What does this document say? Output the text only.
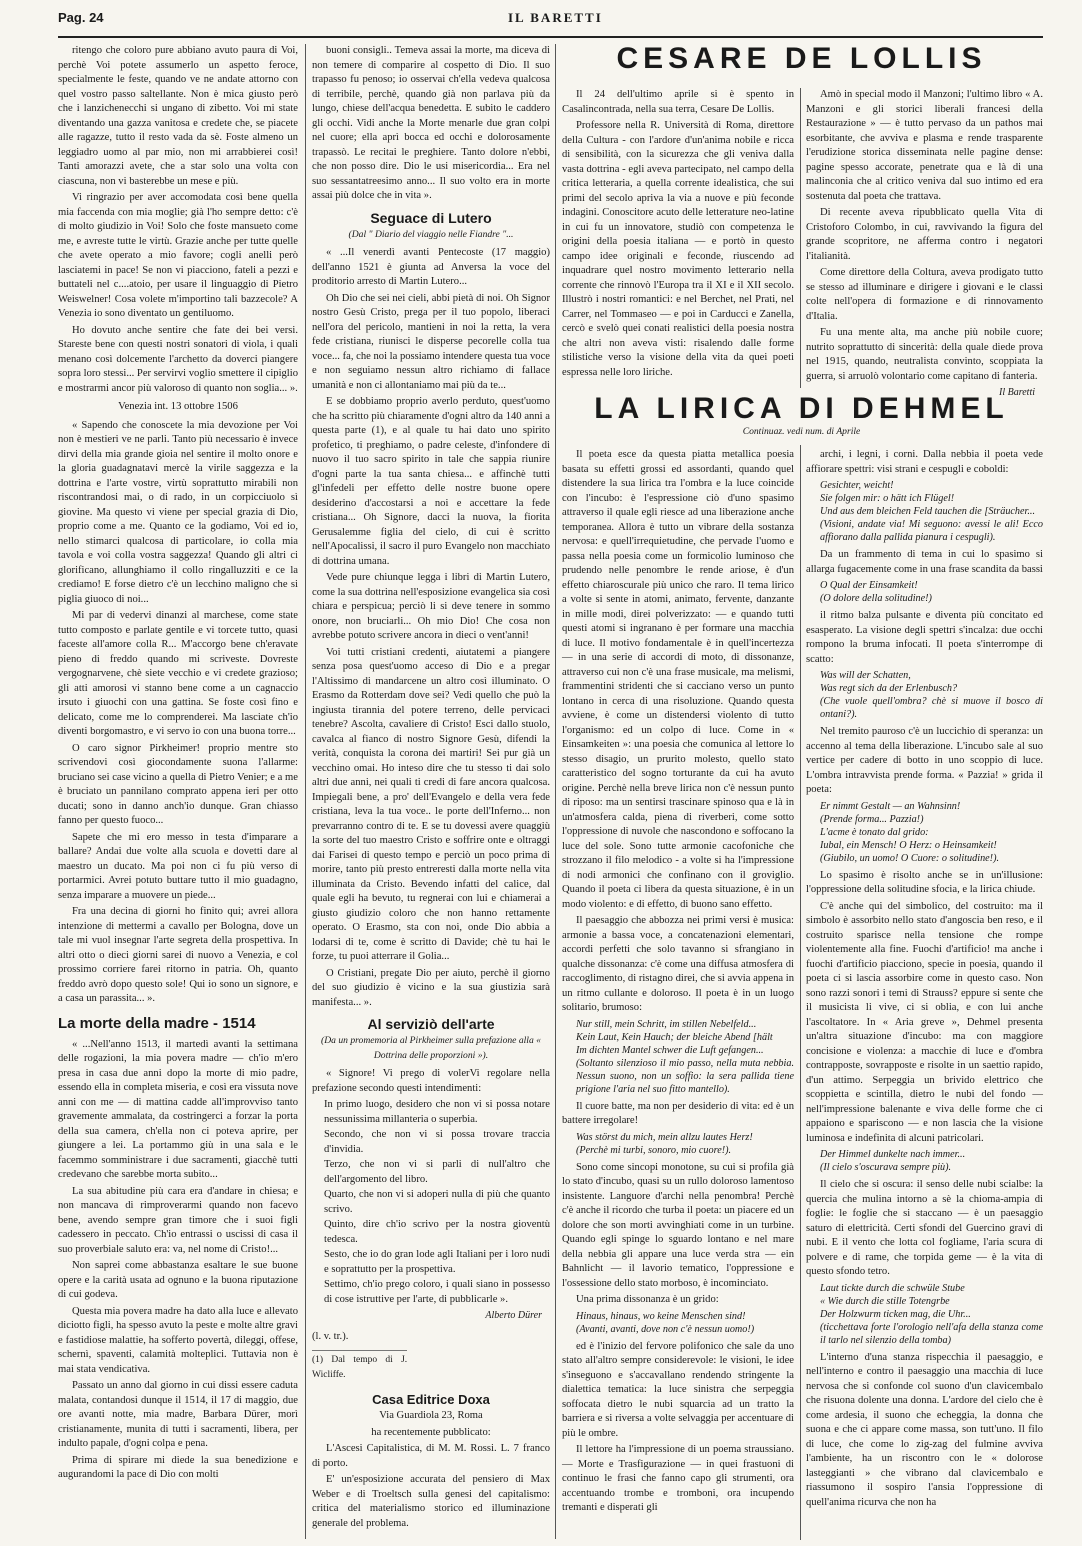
Pag. 24	IL BARETTI

ritengo che coloro pure abbiano avuto paura di Voi, perchè Voi potete assumerlo un aspetto feroce, specialmente le feste, quando ve ne andate attorno con quel vostro passo saltellante. Non è mica giusto però che i lanzichenecchi si ungano di zibetto. Voi mi state diventando una gazza vanitosa e credete che, se piacete alle ragazze, tutto il resto vada da sè. Foste almeno un leggiadro uomo al par mio, non mi arrabbierei così! Tanti amorazzi avete, che a star solo una volta con ciascuna, non vi basterebbe un mese e più.

Vi ringrazio per aver accomodata così bene quella mia faccenda con mia moglie; già l'ho sempre detto: c'è di molto giudizio in Voi! Solo che foste mansueto come me, e avreste tutte le virtù. Grazie anche per tutte quelle che avete operato a mio favore; cogli anelli però lasciatemi in pace! Se non vi piacciono, fateli a pezzi e buttateli nel c....atoio, per usare il linguaggio di Pietro Weiswelner! Cosa volete m'importino tali bazzecole? A Venezia io sono diventato un gentiluomo.

Ho dovuto anche sentire che fate dei bei versi. Stareste bene con questi nostri sonatori di viola, i quali menano così dolcemente l'archetto da doverci piangere sopra loro stessi... Per servirvi voglio smettere il cipiglio e mostrarmi ancor più valoroso di quanto non soglia... ».

Venezia int. 13 ottobre 1506

« Sapendo che conoscete la mia devozione per Voi non è mestieri ve ne parli. Tanto più necessario è invece dirvi della mia grande gioia nel sentire il molto onore e la gloria guadagnatavi mercè la virile saggezza e la dottrina e l'arte vostre, virtù soprattutto mirabili non riscontrandosi mai, o di rado, in un corpicciuolo sì giovine. Ma questo vi viene per special grazia di Dio, proprio come a me. Quanto ce la godiamo, Voi ed io, nello stimarci qualcosa di particolare, io colla mia tavola e voi colla vostra saggezza! Quando gli altri ci glorificano, allunghiamo il collo ringalluzziti e ce la crediamo! E forse dietro c'è un lecchino maligno che si piglia giuoco di noi...

Mi par di vedervi dinanzi al marchese, come state tutto composto e parlate gentile e vi torcete tutto, quasi faceste all'amore colla R... M'accorgo bene ch'eravate pieno di freddo quando mi scriveste. Dovreste vergognarvene, chè siete vecchio e vi credete grazioso; gli atti amorosi vi stanno bene come a un cagnaccio irsuto i giuochi con una gattina. Se foste così fino e delicato, come me lo comprenderei. Ma lasciate ch'io diventi borgomastro, e vi servo io con una buona torre...

O caro signor Pirkheimer! proprio mentre sto scrivendovi così giocondamente suona l'allarme: bruciano sei case vicino a quella di Pietro Venier; e a me è bruciato un pannilano comprato appena ieri per otto ducati; sono in danno anch'io dunque. Gran chiasso fanno per questo fuoco...

Sapete che mi ero messo in testa d'imparare a ballare? Andai due volte alla scuola e dovetti dare al maestro un ducato. Ma poi non ci fu più verso di portarmici. Avrei potuto buttare tutto il mio guadagno, senza imparare a muovere un piede...

Fra una decina di giorni ho finito qui; avrei allora intenzione di mettermi a cavallo per Bologna, dove un tale mi vuol insegnar l'arte segreta della prospettiva. In altri otto o dieci giorni sarei di nuovo a Venezia, e col prossimo corriere farei ritorno in patria. Oh, quanto freddo avrò dopo questo sole! Qui io sono un signore, e a casa un parassita... ».

La morte della madre - 1514

« ...Nell'anno 1513, il martedì avanti la settimana delle rogazioni, la mia povera madre — ch'io m'ero presa in casa due anni dopo la morte di mio padre, essendo ella in completa miseria, e così era vissuta nove anni con me — di mattina cadde all'improvviso tanto gravemente ammalata, da costringerci a forzar la porta della sua camera, ch'ella non ci poteva aprire, per giungere a lei. La portammo giù in una sala e le facemmo somministrare i due sacramenti, giacchè tutti credevano che sarebbe morta subito...

La sua abitudine più cara era d'andare in chiesa; e non mancava di rimproverarmi quando non facevo bene, avendo sempre gran timore che i suoi figli cadessero in peccato. Ch'io entrassi o uscissi di casa il suo proverbiale saluto era: va, nel nome di Cristo!...

Non saprei come abbastanza esaltare le sue buone opere e la carità usata ad ognuno e la buona riputazione di cui godeva.

Questa mia povera madre ha dato alla luce e allevato diciotto figli, ha spesso avuto la peste e molte altre gravi e fastidiose malattie, ha sofferto povertà, dileggi, offese, schernì, spaventi, calamità molteplici. Tuttavia non è mai stata vendicativa.

Passato un anno dal giorno in cui dissi essere caduta malata, contandosi dunque il 1514, il 17 di maggio, due ore avanti notte, mia madre, Barbara Dürer, morì cristianamente, munita di tutti i sacramenti, libera, per indulto papale, d'ogni colpa e pena.

Prima di spirare mi diede la sua benedizione e augurandomi la pace di Dio con molti

buoni consigli.. Temeva assai la morte, ma diceva di non temere di comparire al cospetto di Dio. Il suo trapasso fu penoso; io osservai ch'ella vedeva qualcosa di terribile, perchè, quando già non parlava più da lungo, chiese dell'acqua benedetta. E subito le caddero gli occhi. Vidi anche la Morte menarle due gran colpi nel cuore; ella aprì bocca ed occhi e dolorosamente trapassò. Le recitai le preghiere. Tanto dolore n'ebbi, che non posso dire. Dio le usi misericordia... Era nel suo sessantatreesimo anno... Il suo volto era in morte assai più dolce che in vita ».

Seguace di Lutero
(Dal " Diario del viaggio nelle Fiandre "...

« ...Il venerdì avanti Pentecoste (17 maggio) dell'anno 1521 è giunta ad Anversa la voce del proditorio arresto di Martin Lutero...

Oh Dio che sei nei cieli, abbi pietà di noi. Oh Signor nostro Gesù Cristo, prega per il tuo popolo, liberaci nell'ora del pericolo, mantieni in noi la retta, la vera fede cristiana, riunisci le disperse pecorelle colla tua voce... fa, che noi la possiamo intendere questa tua voce e non seguiamo nessun altro richiamo di fallace umanità e non ci allontaniamo mai più da te...

E se dobbiamo proprio averlo perduto, quest'uomo che ha scritto più chiaramente d'ogni altro da 140 anni a questa parte (1), e al quale tu hai dato uno spirito profetico, ti preghiamo, o padre celeste, d'infondere di nuovo il tuo sacro spirito in tale che sappia riunire d'ogni parte la tua santa chiesa... e affinchè tutti gl'infedeli per effetto delle nostre buone opere desiderino d'accostarsi a noi e accettare la fede cristiana... Oh Signore, dacci la nuova, la fiorita Gerusalemme figlia del cielo, di cui è scritto nell'Apocalissi, il sacro il puro Evangelo non macchiato di dottrina umana.

Vede pure chiunque legga i libri di Martin Lutero, come la sua dottrina nell'esposizione evangelica sia così chiara e perspicua; perciò li si deve tenere in sommo onore, non bruciarli... Oh mio Dio! Che cosa non avrebbe potuto scrivere ancora in dieci o vent'anni!

Voi tutti cristiani credenti, aiutatemi a piangere senza posa quest'uomo acceso di Dio e a pregar l'Altissimo di mandarcene un altro così illuminato. O Erasmo da Rotterdam dove sei? Vedi quello che può la ingiusta tirannia del potere terreno, delle pervicaci tenebre? Ascolta, cavaliere di Cristo! Esci dallo stuolo, cavalca al fianco di nostro Signore Gesù, difendi la verità, conquista la corona dei martiri! Sei pur già un vecchino omai. Ho inteso dire che tu stesso ti dai solo altri due anni, nei quali ti credi di fare ancora qualcosa. Impiegali bene, a pro' dell'Evangelo e della vera fede cristiana, leva la tua voce.. le porte dell'Inferno... non prevarranno contro di te. E se tu dovessi avere quaggiù la sorte del tuo maestro Cristo e soffrire onte e oltraggi dai Farisei di questo tempo e perciò un poco prima di morire, tanto più presto entreresti dalla morte nella vita illuminata da Cristo. Bevendo infatti del calice, dal quale egli ha bevuto, tu regnerai con lui e chiamerai a giusto giudizio coloro che non hanno rettamente operato. O Erasmo, sta con noi, onde Dio abbia a lodarsi di te, come è scritto di Davide; chè tu hai le forze, tu puoi atterrare il Golia...

O Cristiani, pregate Dio per aiuto, perchè il giorno del suo giudizio è vicino e la sua giustizia sarà manifesta... ».

Al serviziò dell'arte
(Da un promemoria al Pirkheimer sulla prefazione alla « Dottrina delle proporzioni »).

« Signore! Vi prego di volerVi regolare nella prefazione secondo questi intendimenti:

In primo luogo, desidero che non vi si possa notare nessunissima millanteria o superbia.
Secondo, che non vi si possa trovare traccia d'invidia.
Terzo, che non vi si parli di null'altro che dell'argomento del libro.
Quarto, che non vi si adoperi nulla di più che quanto scrivo.
Quinto, dire ch'io scrivo per la nostra gioventù tedesca.
Sesto, che io do gran lode agli Italiani per i loro nudi e soprattutto per la prospettiva.
Settimo, ch'io prego coloro, i quali siano in possesso di cose istruttive per l'arte, di pubblicarle ».
Alberto Dürer
(l. v. tr.).
(1) Dal tempo di J. Wicliffe.
Casa Editrice Doxa
Via Guardiola 23, Roma
ha recentemente pubblicato:

L'Ascesi Capitalistica, di M. M. Rossi. L. 7 franco di porto.

E' un'esposizione accurata del pensiero di Max Weber e di Troeltsch sulla genesi del capitalismo: critica del materialismo storico ed illuminazione generale del problema.

CESARE DE LOLLIS

Il 24 dell'ultimo aprile si è spento in Casalincontrada, nella sua terra, Cesare De Lollis.

Professore nella R. Università di Roma, direttore della Cultura - con l'ardore d'un'anima nobile e ricca di sensibilità, con la sicurezza che gli veniva dalla vasta dottrina - egli aveva partecipato, nel campo della critica letteraria, a quella corrente idealistica, che sui primi del secolo apriva la via a nuove e più feconde indagini. Conoscitore acuto delle letterature neo-latine in cui fu un innovatore, studiò con competenza le origini della poesia italiana — e portò in questo campo idee originali e feconde, riuscendo ad inquadrare quel nostro movimento letterario nella corrente che rinnovò l'Europa tra il XI e il XII secolo. Illustrò i nostri romantici: e nel Berchet, nel Prati, nel Carrer, nel Tommaseo — e poi in Carducci e Zanella, cercò e svelò quei conati realistici della poesia nostra che altri non aveva visti: risalendo dalle forme stilistiche verso la visione della vita da quei poeti espressa nelle loro liriche.

Amò in special modo il Manzoni; l'ultimo libro « A. Manzoni e gli storici liberali francesi della Restaurazione » — è tutto pervaso da un pathos mai esorbitante, che avviva e plasma e rende trasparente l'erudizione storica disseminata nelle pagine dense: pagine spesso accorate, penetrate qua e là di una malinconia che al critico veniva dal suo intimo ed era sostenuta dal poeta che trattava.

Di recente aveva ripubblicato quella Vita di Cristoforo Colombo, in cui, ravvivando la figura del grande scopritore, ne afferma contro i negatori l'italianità.

Come direttore della Coltura, aveva prodigato tutto se stesso ad illuminare e dirigere i giovani e le classi colte nell'opera di formazione e di rinnovamento d'Italia.

Fu una mente alta, ma anche più nobile cuore; nutrito soprattutto di sincerità: della quale diede prova nel 1915, quando, neutralista convinto, scoppiata la guerra, si arruolò volontario come capitano di fanteria.

Il Baretti
LA LIRICA DI DEHMEL
Continuaz. vedi num. di Aprile

Il poeta esce da questa piatta metallica poesia basata su effetti grossi ed assordanti, quando quel distendere la sua lirica tra l'ombra e la luce coincide con l'incubo: è l'espressione ciò d'uno spasimo attraverso il quale egli riesce ad una liberazione anche temporanea. Allora è tutto un vibrare della sostanza nervosa: e quell'irrequietudine, che pervade l'uomo e passa nella poesia come un formicolio luminoso che prudendo nelle penombre le rende ariose, è d'un effetto chiaroscurale più unico che raro. Il tema lirico a volte si sente in atomi, animato, fervente, danzante in mille modi, direi polverizzato: — e quando tutti questi atomi si ingranano è per formare una macchia di luce. Il motivo fondamentale è in quell'incertezza — in una serie di accordi di moto, di dissonanze, attraverso cui non c'è una frase musicale, ma melismi, frammentini stridenti che si cacciano verso un punto lontano in cerca di una risoluzione. Quando questa avviene, è come un distendersi violento di tutto l'organismo: ed un colpo di luce. Come in « Einsamkeiten »: una poesia che comunica al lettore lo stesso disagio, un prurito molesto, quello stato caratteristico del sogno torturante da cui ha avuto origine. Perchè nella breve lirica non c'è nessun punto di riposo: ma un sentirsi trascinare spinoso qua e là in un'atmosfera calda, piena di riverberi, come sotto l'oppressione di nuvole che nascondono e soffocano la luce del sole. Sono tutte armonie cacofoniche che strozzano il filo melodico - a volte si ha l'impressione di nodi armonici che confinano con il groviglio. Quando il poeta ci libera da questa situazione, è in un modo violento: e di effetto, di buono sano effetto.

Il paesaggio che abbozza nei primi versi è musica: armonie a bassa voce, a concatenazioni elementari, accordi perfetti che solo tavanno si sfrangiano in qualche dissonanza: c'è come una diffusa atmosfera di raccoglimento, di ristagno direi, che si avvia appena in un ritmo cullante e doloroso. Il poeta è in un luogo solitario, brumoso:

Nur still, mein Schritt, im stillen Nebelfeld...
Kein Laut, Kein Hauch; der bleiche Abend [hält
Im dichten Mantel schwer die Luft gefangen...
(Soltanto silenzioso il mio passo, nella muta nebbia. Nessun suono, non un soffio: la sera pallida tiene prigione l'aria nel suo fitto mantello).

Il cuore batte, ma non per desiderio di vita: ed è un battere irregolare!

Was störst du mich, mein allzu lautes Herz!
(Perchè mi turbi, sonoro, mio cuore!).

Sono come sincopi monotone, su cui si profila già lo stato d'incubo, quasi su un rullo doloroso lamentoso insistente. Languore d'archi nella penombra! Perchè c'è anche il ricordo che turba il poeta: un piacere ed un dolore che son morti avvinghiati come in un turbine. Quando egli spinge lo sguardo lontano e nel mare della nebbia gli appare una luce verda stra — ein Bahnlicht — il lavorio tematico, l'oppressione e l'ossessione dello stato morboso, è incominciato.

Una prima dissonanza è un grido:

Hinaus, hinaus, wo keine Menschen sind!
(Avanti, avanti, dove non c'è nessun uomo!)

ed è l'inizio del fervore polifonico che sale da uno stato all'altro sempre considerevole: le visioni, le idee s'inseguono e s'accavallano rendendo stringente la dialettica tematica: la luce sinistra che serpeggia soffocata dietro le nubi squarcia ad un tratto la barriera e si riversa a volte selvaggia per accentuare di più le ombre.

Il lettore ha l'impressione di un poema straussiano. — Morte e Trasfigurazione — in quei frastuoni di continuo le frasi che fanno capo gli strumenti, ora accentuando trombe e tromboni, ora incupendo tremanti e disperati gli

archi, i legni, i corni. Dalla nebbia il poeta vede affiorare spettri: visi strani e cespugli e coboldi:

Gesichter, weicht!
Sie folgen mir: o hätt ich Flügel!
Und aus dem bleichen Feld tauchen die [Sträucher...
(Visioni, andate via! Mi seguono: avessi le ali! Ecco affiorano dalla pallida pianura i cespugli).

Da un frammento di tema in cui lo spasimo si allarga fugacemente come in una frase scandita da bassi

O Qual der Einsamkeit!
(O dolore della solitudine!)

il ritmo balza pulsante e diventa più concitato ed esasperato. La visione degli spettri s'incalza: due occhi rompono la bruma infocati. Il poeta s'interrompe di scatto:

Was will der Schatten,
Was regt sich da der Erlenbusch?
(Che vuole quell'ombra? chè si muove il bosco di ontani?).

Nel tremito pauroso c'è un luccichio di speranza: un accenno al tema della liberazione. L'incubo sale al suo vertice per cadere di botto in uno scoppio di luce. L'ombra intravvista prende forma. « Pazzia! » grida il poeta:

Er nimmt Gestalt — an Wahnsinn!
(Prende forma... Pazzia!)
L'acme è tonato dal grido:
Iubal, ein Mensch! O Herz: o Heinsamkeit!
(Giubilo, un uomo! O Cuore: o solitudine!).

Lo spasimo è risolto anche se in un'illusione: l'oppressione della solitudine sfocia, e la lirica chiude.

C'è anche qui del simbolico, del costruito: ma il simbolo è assorbito nello stato d'angoscia ben reso, e il costruito sparisce nella tensione che rompe violentemente alla fine. Fuochi d'artificio! ma anche i fuochi d'artificio piacciono, specie in poesia, quando il poeta ci si lascia assorbire come in questo caso. Non sono razzi sonori i temi di Strauss? eppure si sente che il musicista li vive, ci si oblia, e con lui anche l'ascoltatore. In « Aria greve », Dehmel presenta un'altra situazione d'incubo: ma con maggiore concisione e violenza: a macchie di luce e d'ombra contrapposte, sovrapposte e risolte in un saettio rapido, d'un attimo. Serpeggia un brivido elettrico che scoppietta e scintilla, dietro le nubi del fondo — nell'impressione balenante e viva delle forme che ci appaiono e spariscono — e non lascia che la visione luminosa e indefinita di alcuni patricolari.

Der Himmel dunkelte nach immer...
(Il cielo s'oscurava sempre più).

Il cielo che si oscura: il senso delle nubi scialbe: la quercia che mulina intorno a sè la chioma-ampia di foglie: le foglie che si staccano — è un paesaggio saturo di elettricità. Certi sfondi del Guercino gravi di nubi. E il vento che lotta col fogliame, l'aria scura di polvere e di rame, che torpida geme — è la vita di questo sfondo tetro.

Laut tickte durch die schwüle Stube
« Wie durch die stille Totengrbe
Der Holzwurm ticken mag, die Uhr...
(ticchettava forte l'orologio nell'afa della stanza come il tarlo nel silenzio della tomba)

L'interno d'una stanza rispecchia il paesaggio, e nell'interno e contro il paesaggio una macchia di luce nervosa che si confonde col suono d'un clavicembalo che risuona dolente una donna. L'ardore del cielo che è come ardesia, il suono che echeggia, la donna che suona e che ci appare come massa, son tutt'uno. Il filo di luce, che come lo zig-zag del fulmine avviva l'ambiente, ha un riscontro con le « dolorose lasteggianti » che vibrano dal clavicembalo e riassumono il sospiro l'ansia l'oppressione di quell'anima ricurva che non ha
